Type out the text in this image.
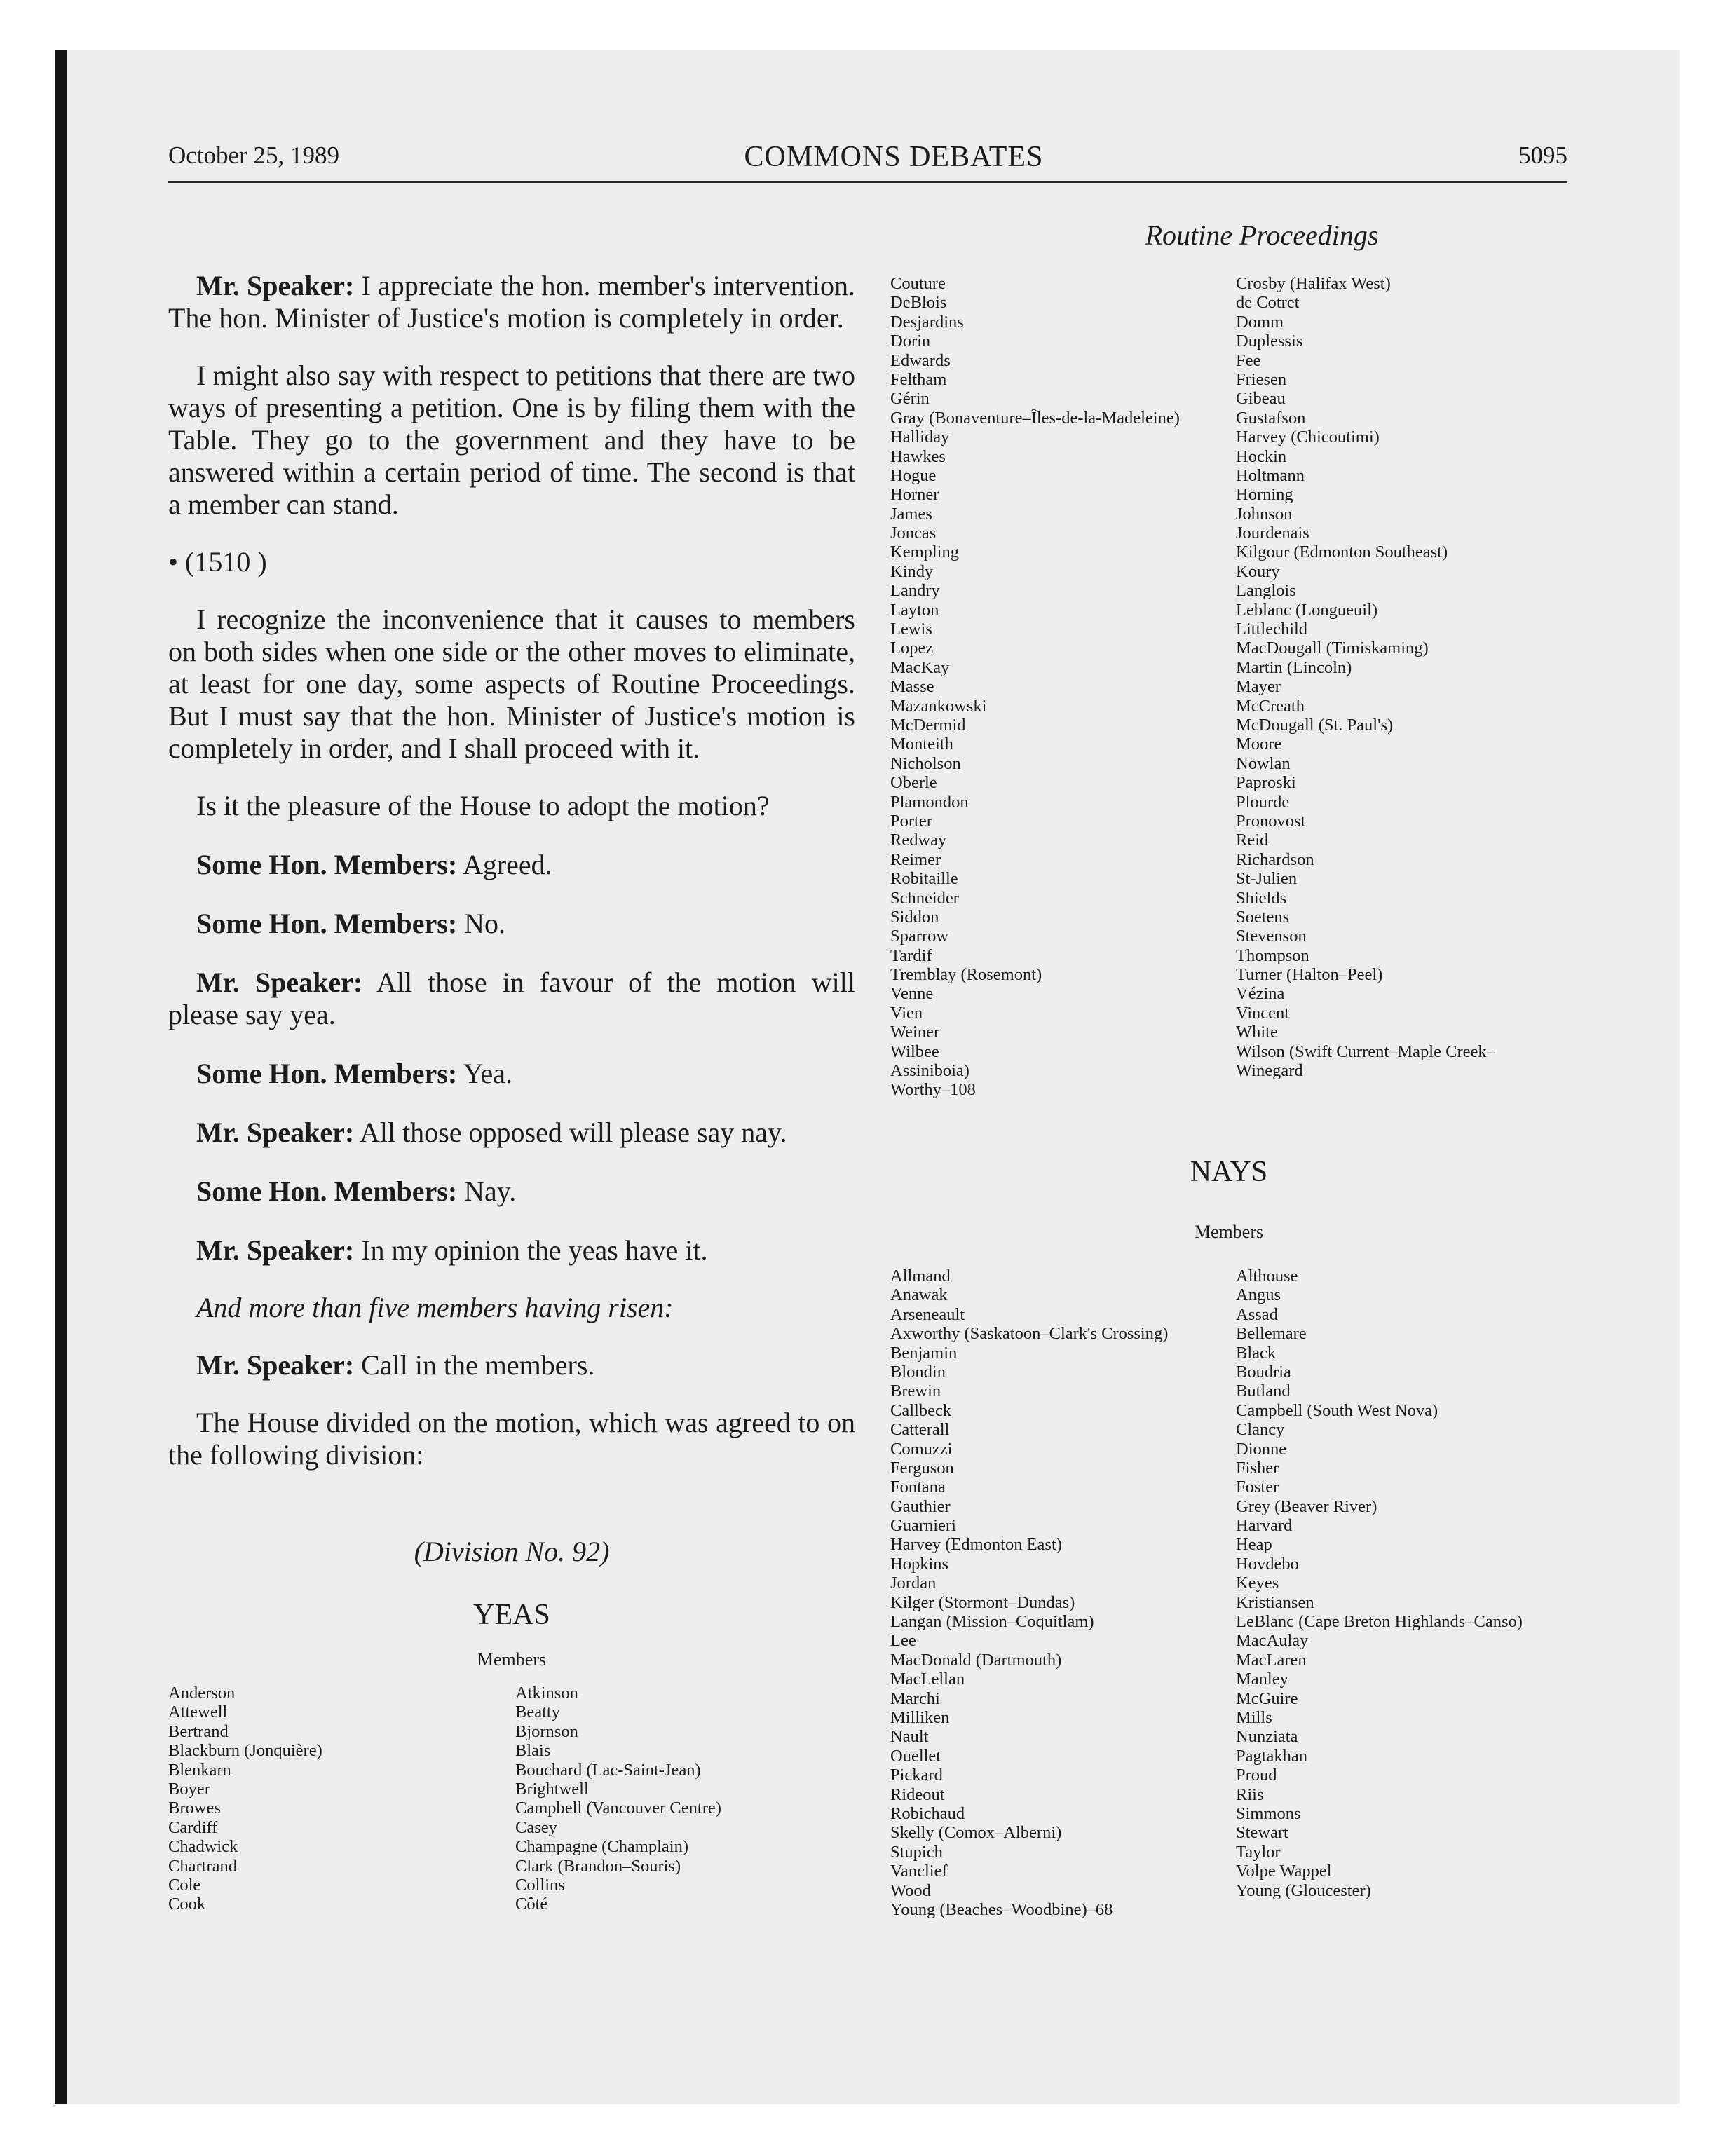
October 25, 1989	COMMONS DEBATES	5095
Routine Proceedings

Mr. Speaker: I appreciate the hon. member's intervention. The hon. Minister of Justice's motion is completely in order.

I might also say with respect to petitions that there are two ways of presenting a petition. One is by filing them with the Table. They go to the government and they have to be answered within a certain period of time. The second is that a member can stand.

• (1510 )

I recognize the inconvenience that it causes to members on both sides when one side or the other moves to eliminate, at least for one day, some aspects of Routine Proceedings. But I must say that the hon. Minister of Justice's motion is completely in order, and I shall proceed with it.

Is it the pleasure of the House to adopt the motion?

Some Hon. Members: Agreed.

Some Hon. Members: No.

Mr. Speaker: All those in favour of the motion will please say yea.

Some Hon. Members: Yea.

Mr. Speaker: All those opposed will please say nay.

Some Hon. Members: Nay.

Mr. Speaker: In my opinion the yeas have it.

And more than five members having risen:

Mr. Speaker: Call in the members.

The House divided on the motion, which was agreed to on the following division:

(Division No. 92)
YEAS
Members
Anderson
Attewell
Bertrand
Blackburn (Jonquière)
Blenkarn
Boyer
Browes
Cardiff
Chadwick
Chartrand
Cole
Cook
Atkinson
Beatty
Bjornson
Blais
Bouchard (Lac-Saint-Jean)
Brightwell
Campbell (Vancouver Centre)
Casey
Champagne (Champlain)
Clark (Brandon–Souris)
Collins
Côté
Couture
DeBlois
Desjardins
Dorin
Edwards
Feltham
Gérin
Gray (Bonaventure–Îles-de-la-Madeleine)
Halliday
Hawkes
Hogue
Horner
James
Joncas
Kempling
Kindy
Landry
Layton
Lewis
Lopez
MacKay
Masse
Mazankowski
McDermid
Monteith
Nicholson
Oberle
Plamondon
Porter
Redway
Reimer
Robitaille
Schneider
Siddon
Sparrow
Tardif
Tremblay (Rosemont)
Venne
Vien
Weiner
Wilbee
Assiniboia)
Worthy–108
Crosby (Halifax West)
de Cotret
Domm
Duplessis
Fee
Friesen
Gibeau
Gustafson
Harvey (Chicoutimi)
Hockin
Holtmann
Horning
Johnson
Jourdenais
Kilgour (Edmonton Southeast)
Koury
Langlois
Leblanc (Longueuil)
Littlechild
MacDougall (Timiskaming)
Martin (Lincoln)
Mayer
McCreath
McDougall (St. Paul's)
Moore
Nowlan
Paproski
Plourde
Pronovost
Reid
Richardson
St-Julien
Shields
Soetens
Stevenson
Thompson
Turner (Halton–Peel)
Vézina
Vincent
White
Wilson (Swift Current–Maple Creek–
Winegard
NAYS
Members
Allmand
Anawak
Arseneault
Axworthy (Saskatoon–Clark's Crossing)
Benjamin
Blondin
Brewin
Callbeck
Catterall
Comuzzi
Ferguson
Fontana
Gauthier
Guarnieri
Harvey (Edmonton East)
Hopkins
Jordan
Kilger (Stormont–Dundas)
Langan (Mission–Coquitlam)
Lee
MacDonald (Dartmouth)
MacLellan
Marchi
Milliken
Nault
Ouellet
Pickard
Rideout
Robichaud
Skelly (Comox–Alberni)
Stupich
Vanclief
Wood
Young (Beaches–Woodbine)–68
Althouse
Angus
Assad
Bellemare
Black
Boudria
Butland
Campbell (South West Nova)
Clancy
Dionne
Fisher
Foster
Grey (Beaver River)
Harvard
Heap
Hovdebo
Keyes
Kristiansen
LeBlanc (Cape Breton Highlands–Canso)
MacAulay
MacLaren
Manley
McGuire
Mills
Nunziata
Pagtakhan
Proud
Riis
Simmons
Stewart
Taylor
Volpe Wappel
Young (Gloucester)
